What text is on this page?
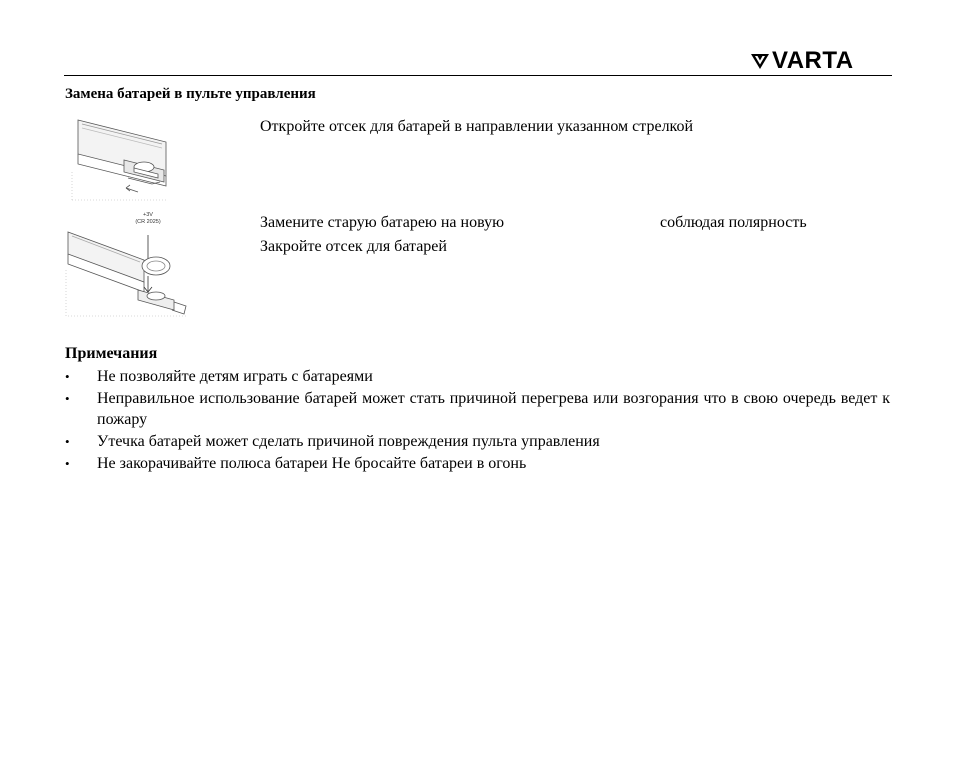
VARTA
Замена батарей в пульте управления
Откройте отсек для батарей в направлении указанном стрелкой
+3V
(CR 2025)	Замените старую батарею на новую	соблюдая полярность
Закройте отсек для батарей
Примечания
• Не позволяйте детям играть с батареями
• Неправильное использование батарей может стать причиной перегрева или возгорания что в свою очередь ведет к пожару
• Утечка батарей может сделать причиной повреждения пульта управления
• Не закорачивайте полюса батареи Не бросайте батареи в огонь
